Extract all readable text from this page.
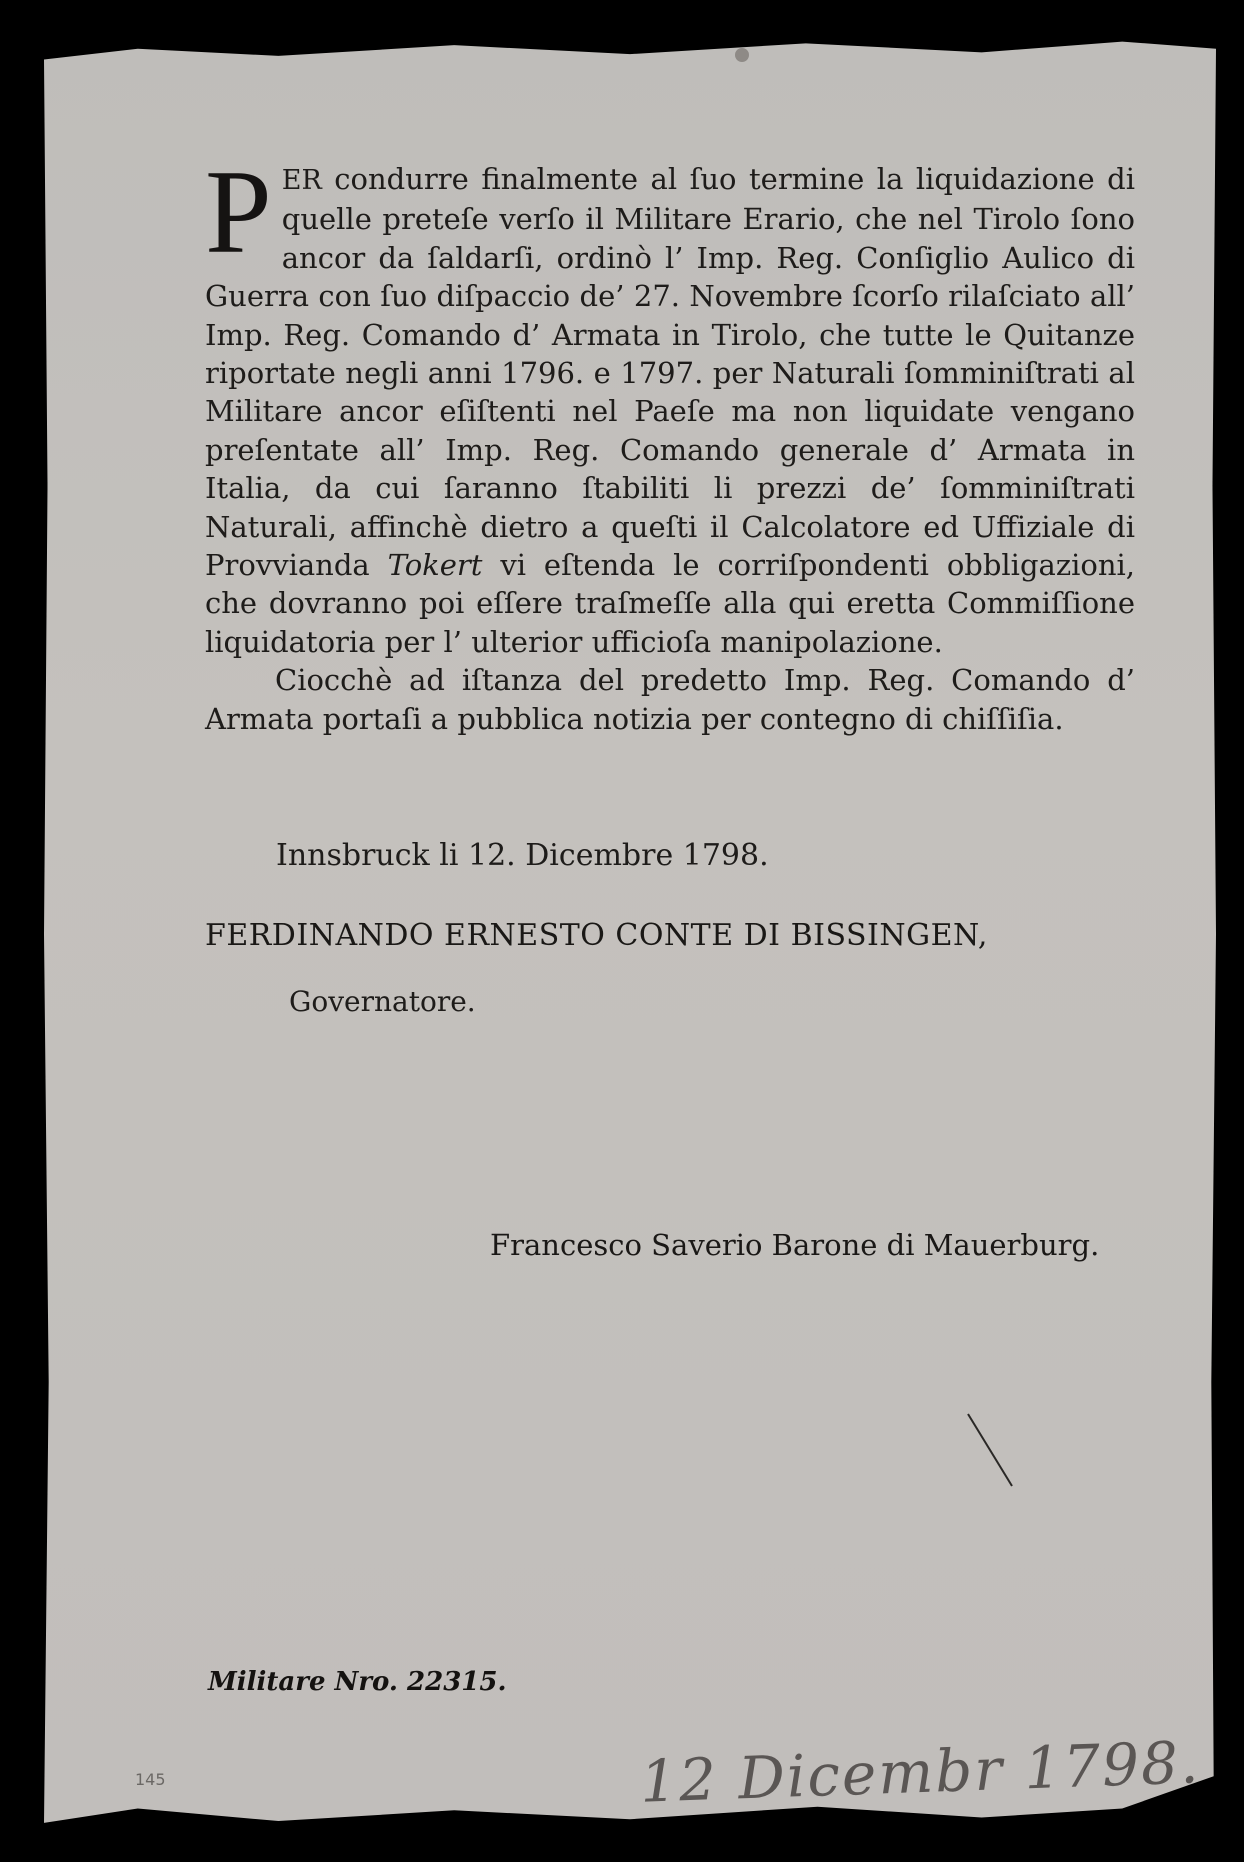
PER condurre finalmente al ſuo termine la liquidazione di quelle preteſe verſo il Militare Erario, che nel Tirolo ſono ancor da ſaldarſi, ordinò l’ Imp. Reg. Conſiglio Aulico di Guerra con ſuo diſpaccio de’ 27. Novembre ſcorſo rilaſciato all’ Imp. Reg. Comando d’ Armata in Tirolo, che tutte le Quitanze riportate negli anni 1796. e 1797. per Naturali ſomminiſtrati al Militare ancor eſiſtenti nel Paeſe ma non liquidate vengano preſentate all’ Imp. Reg. Comando generale d’ Armata in Italia, da cui ſaranno ſtabiliti li prezzi de’ ſomminiſtrati Naturali, affinchè dietro a queſti il Calcolatore ed Uffiziale di Provvianda Tokert vi eſtenda le corriſpondenti obbligazioni, che dovranno poi eſſere traſmeſſe alla qui eretta Commiſſione liquidatoria per l’ ulterior ufficioſa manipolazione.

Ciocchè ad iſtanza del predetto Imp. Reg. Comando d’ Armata portaſi a pubblica notizia per contegno di chiſſiſia.

Innsbruck li 12. Dicembre 1798.

FERDINANDO ERNESTO CONTE DI BISSINGEN,

Governatore.

Francesco Saverio Barone di Mauerburg.

Militare Nro. 22315.

12 Dicembr 1798.

145
